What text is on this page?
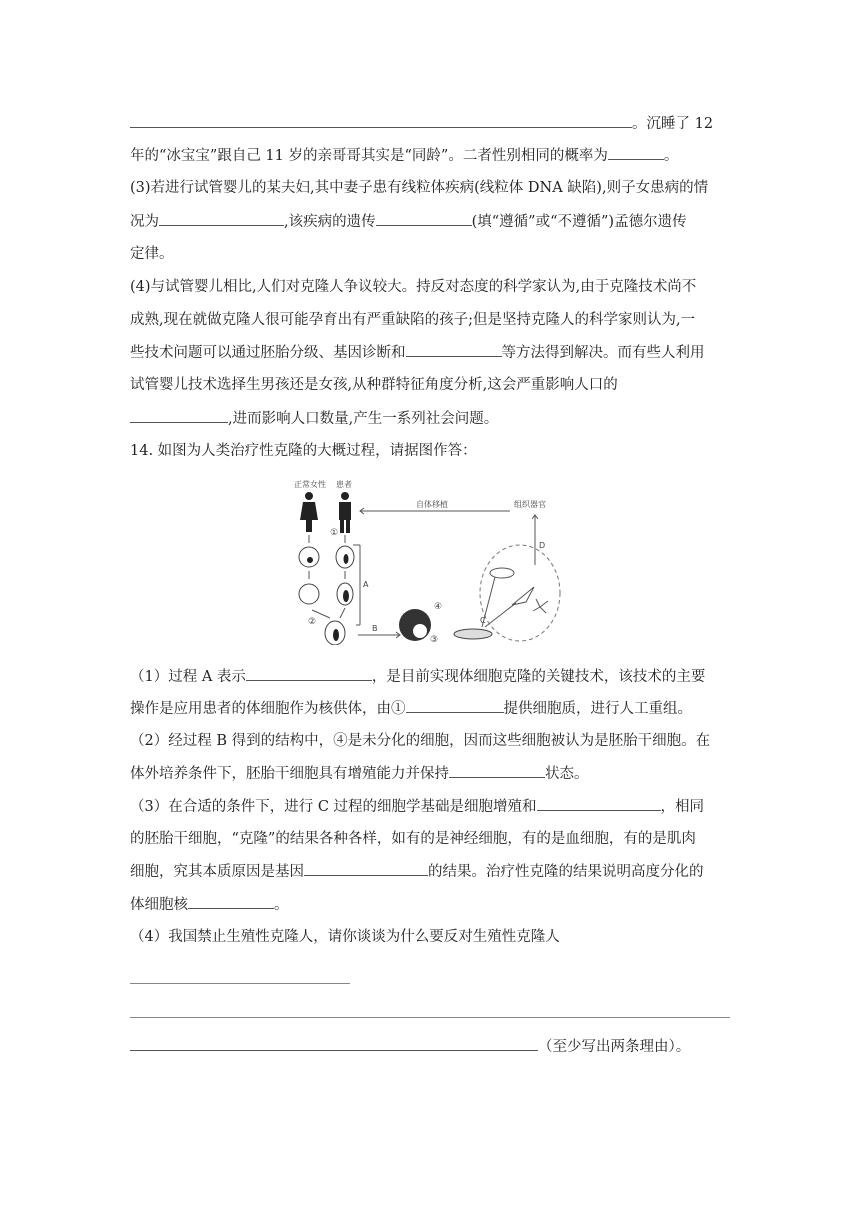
。沉睡了 12
年的“冰宝宝”跟自己 11 岁的亲哥哥其实是“同龄”。二者性别相同的概率为	。
(3)若进行试管婴儿的某夫妇,其中妻子患有线粒体疾病(线粒体 DNA 缺陷),则子女患病的情
况为	,该疾病的遗传	(填“遵循”或“不遵循”)孟德尔遗传
定律。
(4)与试管婴儿相比,人们对克隆人争议较大。持反对态度的科学家认为,由于克隆技术尚不
成熟,现在就做克隆人很可能孕育出有严重缺陷的孩子;但是坚持克隆人的科学家则认为,一
些技术问题可以通过胚胎分级、基因诊断和	等方法得到解决。而有些人利用
试管婴儿技术选择生男孩还是女孩,从种群特征角度分析,这会严重影响人口的
,进而影响人口数量,产生一系列社会问题。
14. 如图为人类治疗性克隆的大概过程，请据图作答：
正常女性 患者
自体移植	组织器官
D
A
B
①
②
④
③
C
（1）过程 A 表示	，是目前实现体细胞克隆的关键技术，该技术的主要
操作是应用患者的体细胞作为核供体，由①	提供细胞质，进行人工重组。
（2）经过程 B 得到的结构中，④是未分化的细胞，因而这些细胞被认为是胚胎干细胞。在
体外培养条件下，胚胎干细胞具有增殖能力并保持	状态。
（3）在合适的条件下，进行 C 过程的细胞学基础是细胞增殖和	，相同
的胚胎干细胞，“克隆”的结果各种各样，如有的是神经细胞，有的是血细胞，有的是肌肉
细胞，究其本质原因是基因	的结果。治疗性克隆的结果说明高度分化的
体细胞核	。
（4）我国禁止生殖性克隆人，请你谈谈为什么要反对生殖性克隆人
（至少写出两条理由）。
